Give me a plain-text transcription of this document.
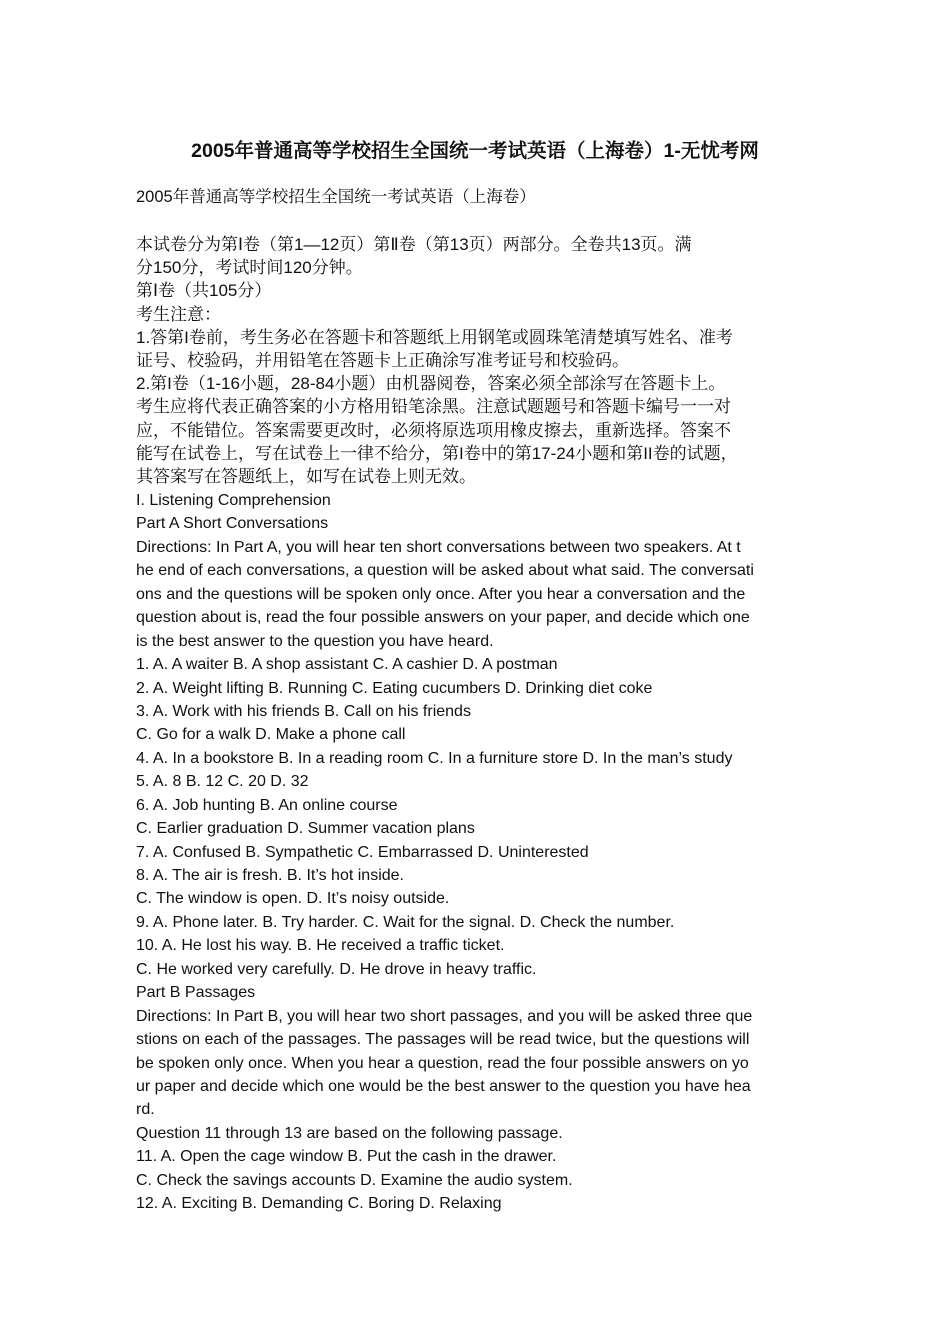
2005年普通高等学校招生全国统一考试英语（上海卷）1-无忧考网
2005年普通高等学校招生全国统一考试英语（上海卷）
本试卷分为第Ⅰ卷（第1—12页）第Ⅱ卷（第13页）两部分。全卷共13页。满
分150分，考试时间120分钟。
第Ⅰ卷（共105分）
考生注意：
1.答第I卷前，考生务必在答题卡和答题纸上用钢笔或圆珠笔清楚填写姓名、准考
证号、校验码，并用铅笔在答题卡上正确涂写准考证号和校验码。
2.第I卷（1-16小题，28-84小题）由机器阅卷，答案必须全部涂写在答题卡上。
考生应将代表正确答案的小方格用铅笔涂黑。注意试题题号和答题卡编号一一对
应，不能错位。答案需要更改时，必须将原选项用橡皮擦去，重新选择。答案不
能写在试卷上，写在试卷上一律不给分，第I卷中的第17-24小题和第II卷的试题，
其答案写在答题纸上，如写在试卷上则无效。
I. Listening Comprehension
Part A Short Conversations
Directions: In Part A, you will hear ten short conversations between two speakers. At t
he end of each conversations, a question will be asked about what said. The conversati
ons and the questions will be spoken only once. After you hear a conversation and the
question about is, read the four possible answers on your paper, and decide which one
is the best answer to the question you have heard.
1. A. A waiter B. A shop assistant C. A cashier D. A postman
2. A. Weight lifting B. Running C. Eating cucumbers D. Drinking diet coke
3. A. Work with his friends B. Call on his friends
C. Go for a walk D. Make a phone call
4. A. In a bookstore B. In a reading room C. In a furniture store D. In the man’s study
5. A. 8 B. 12 C. 20 D. 32
6. A. Job hunting B. An online course
C. Earlier graduation D. Summer vacation plans
7. A. Confused B. Sympathetic C. Embarrassed D. Uninterested
8. A. The air is fresh. B. It’s hot inside.
C. The window is open. D. It’s noisy outside.
9. A. Phone later. B. Try harder. C. Wait for the signal. D. Check the number.
10. A. He lost his way. B. He received a traffic ticket.
C. He worked very carefully. D. He drove in heavy traffic.
Part B Passages
Directions: In Part B, you will hear two short passages, and you will be asked three que
stions on each of the passages. The passages will be read twice, but the questions will
be spoken only once. When you hear a question, read the four possible answers on yo
ur paper and decide which one would be the best answer to the question you have hea
rd.
Question 11 through 13 are based on the following passage.
11. A. Open the cage window B. Put the cash in the drawer.
C. Check the savings accounts D. Examine the audio system.
12. A. Exciting B. Demanding C. Boring D. Relaxing
